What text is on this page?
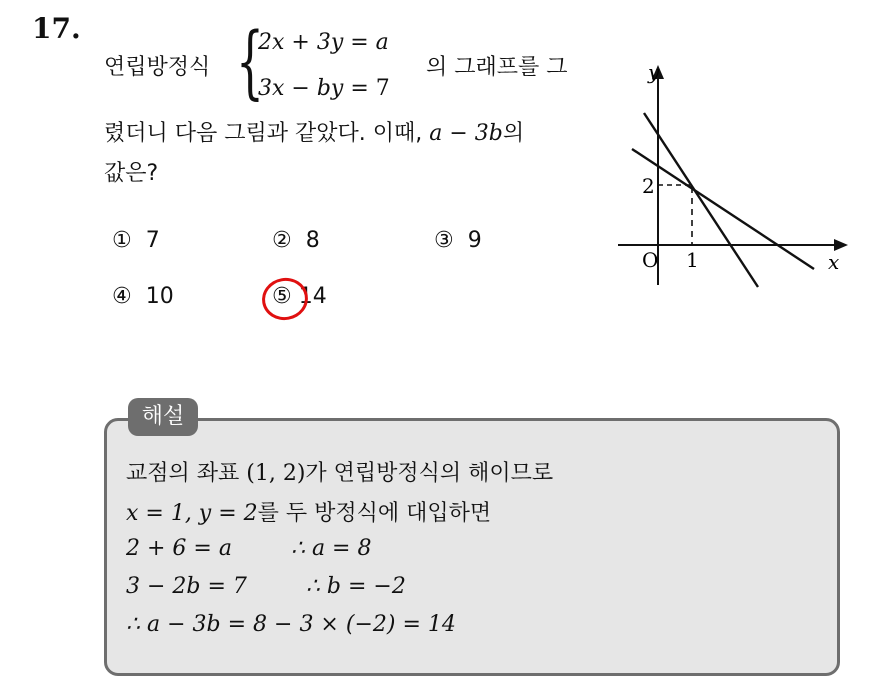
17.
연립방정식 {
2x + 3y = a
3x − by = 7
의 그래프를 그
렸더니 다음 그림과 같았다. 이때, a − 3b의
값은?
① 7	② 8	③ 9
④ 10	⑤ 14
y
x
O 1
2
해설
교점의 좌표 (1, 2)가 연립방정식의 해이므로
x = 1, y = 2를 두 방정식에 대입하면
2 + 6 = a	∴ a = 8
3 − 2b = 7	∴ b = −2
∴ a − 3b = 8 − 3 × (−2) = 14
